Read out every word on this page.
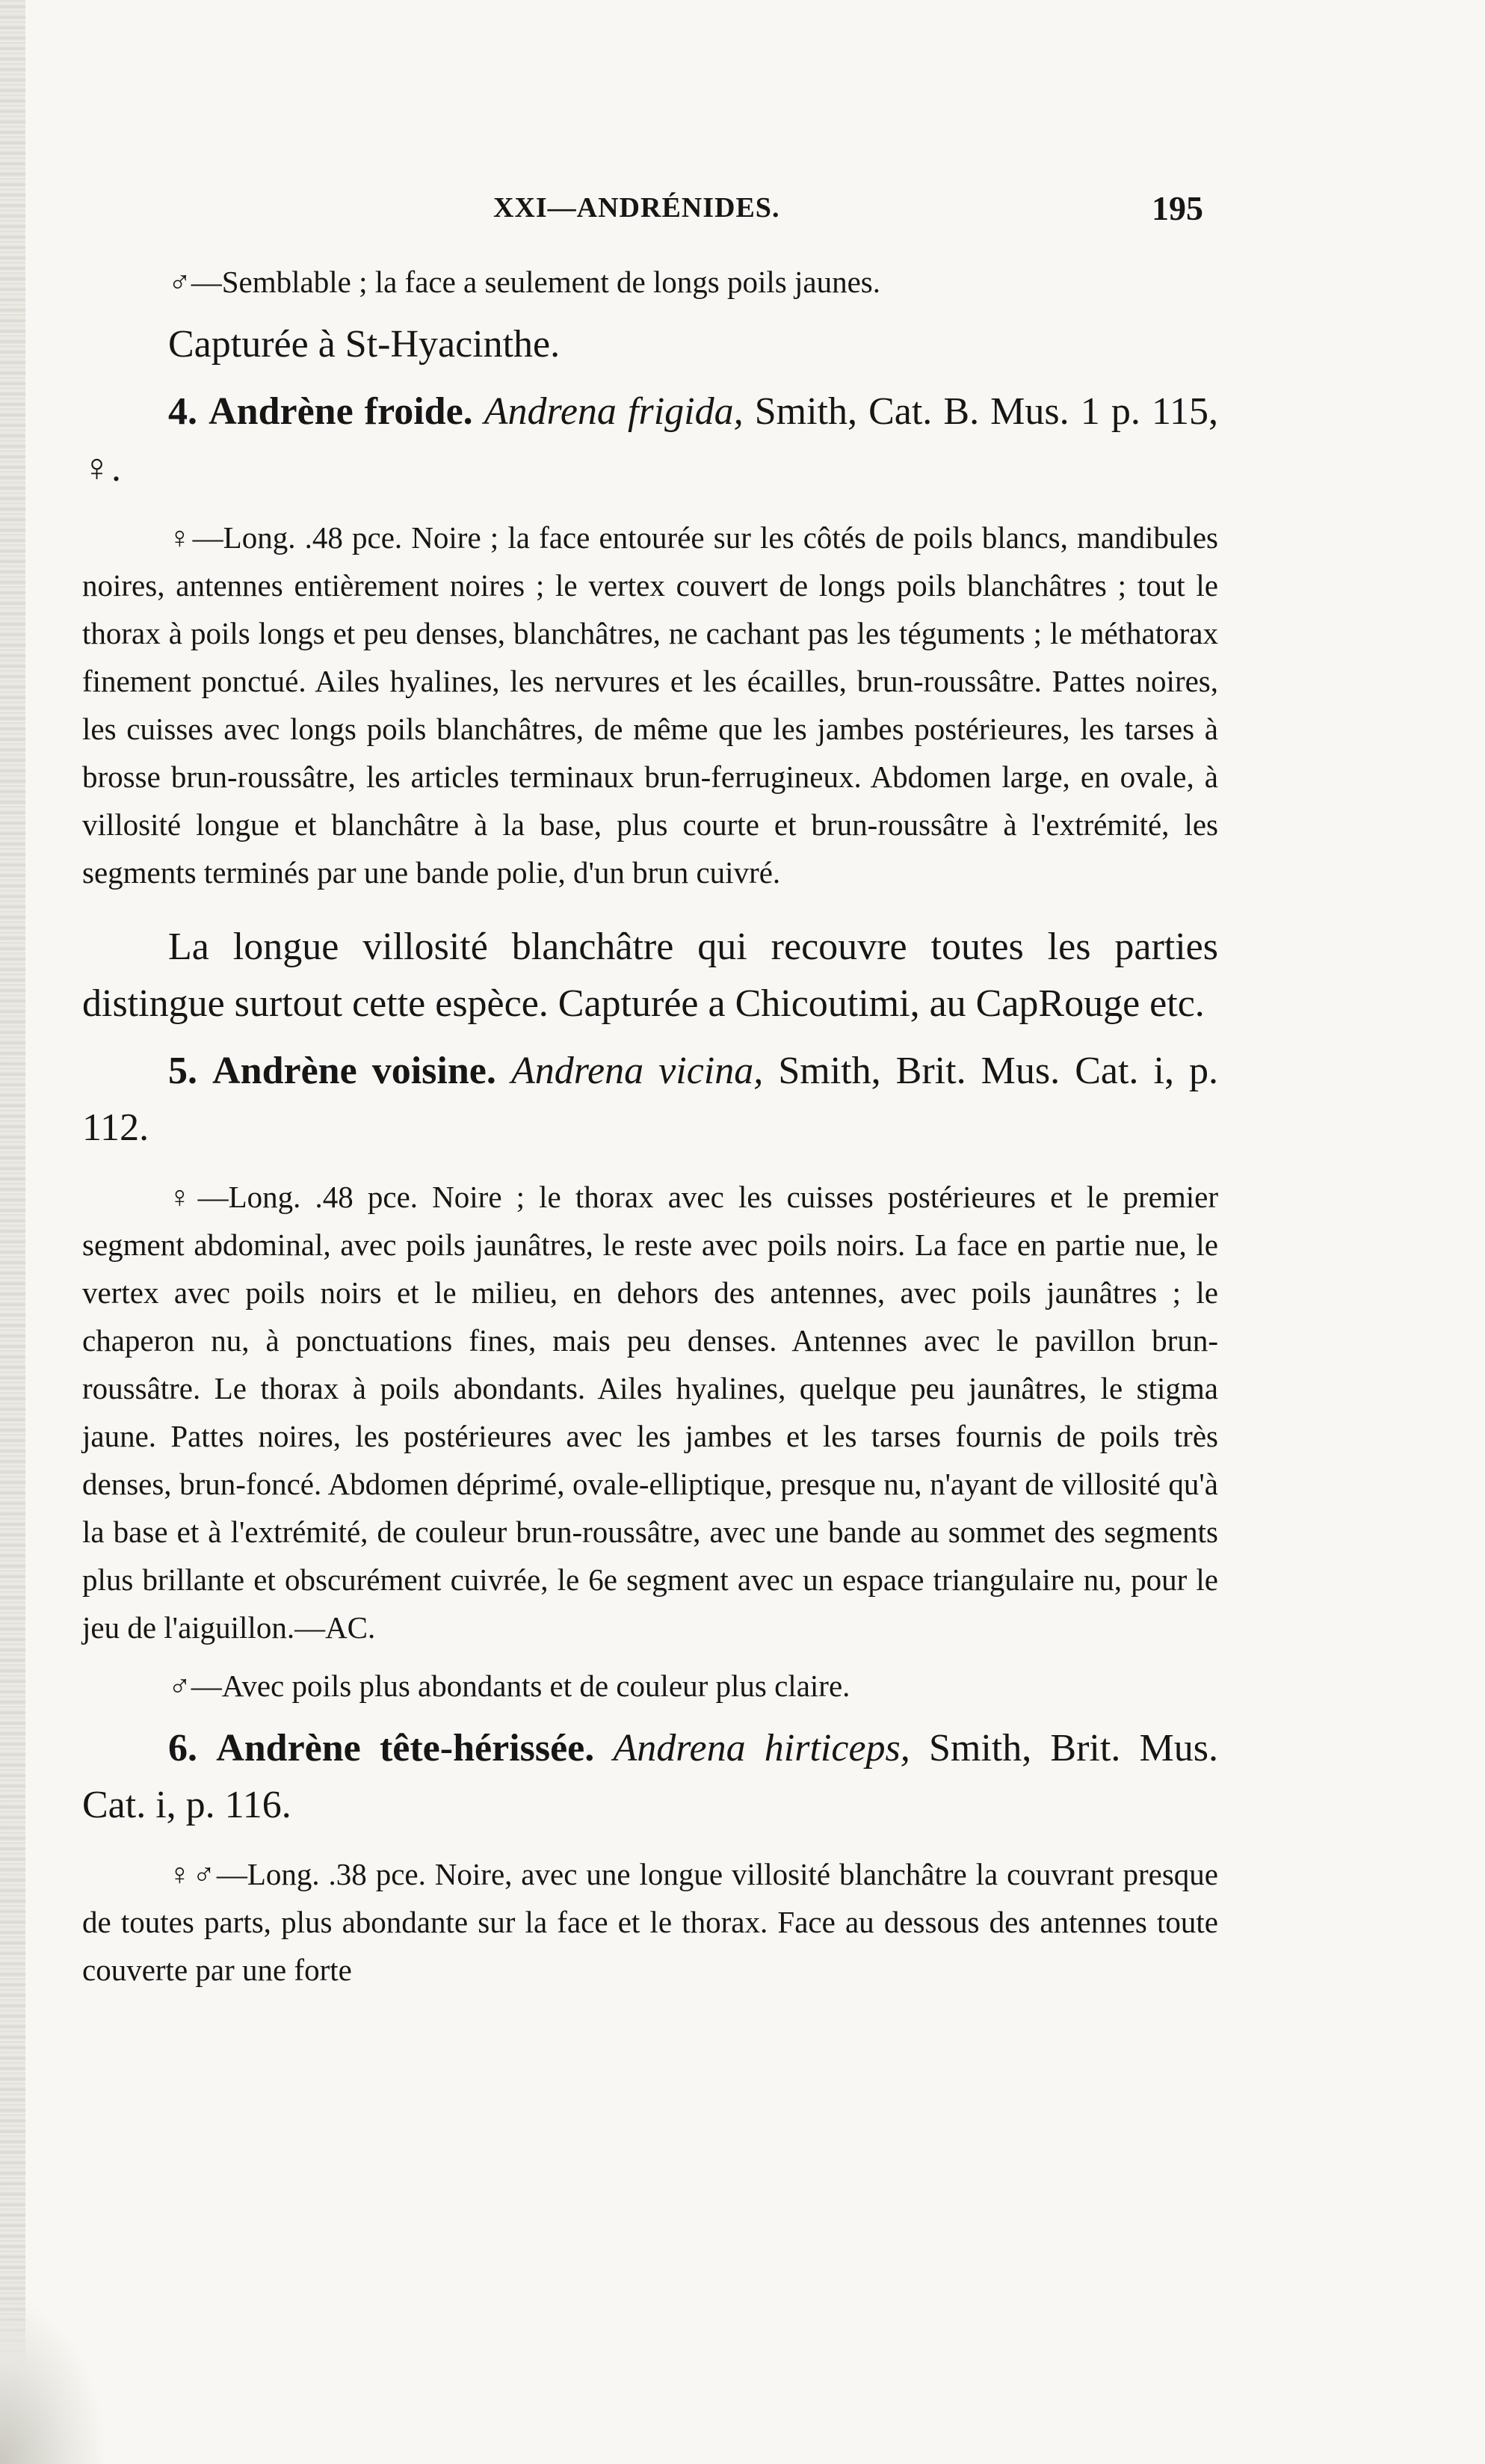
XXI—ANDRÉNIDES.	195

♂—Semblable ; la face a seulement de longs poils jaunes.

Capturée à St-Hyacinthe.

4. Andrène froide. Andrena frigida, Smith, Cat. B. Mus. 1 p. 115, ♀.

♀—Long. .48 pce. Noire ; la face entourée sur les côtés de poils blancs, mandibules noires, antennes entièrement noires ; le vertex couvert de longs poils blanchâtres ; tout le thorax à poils longs et peu denses, blanchâtres, ne cachant pas les téguments ; le méthatorax finement ponctué. Ailes hyalines, les nervures et les écailles, brun-roussâtre. Pattes noires, les cuisses avec longs poils blanchâtres, de même que les jambes postérieures, les tarses à brosse brun-roussâtre, les articles terminaux brun-ferrugineux. Abdomen large, en ovale, à villosité longue et blanchâtre à la base, plus courte et brun-roussâtre à l'extrémité, les segments terminés par une bande polie, d'un brun cuivré.

La longue villosité blanchâtre qui recouvre toutes les parties distingue surtout cette espèce. Capturée a Chicoutimi, au CapRouge etc.

5. Andrène voisine. Andrena vicina, Smith, Brit. Mus. Cat. i, p. 112.

♀—Long. .48 pce. Noire ; le thorax avec les cuisses postérieures et le premier segment abdominal, avec poils jaunâtres, le reste avec poils noirs. La face en partie nue, le vertex avec poils noirs et le milieu, en dehors des antennes, avec poils jaunâtres ; le chaperon nu, à ponctuations fines, mais peu denses. Antennes avec le pavillon brun-roussâtre. Le thorax à poils abondants. Ailes hyalines, quelque peu jaunâtres, le stigma jaune. Pattes noires, les postérieures avec les jambes et les tarses fournis de poils très denses, brun-foncé. Abdomen déprimé, ovale-elliptique, presque nu, n'ayant de villosité qu'à la base et à l'extrémité, de couleur brun-roussâtre, avec une bande au sommet des segments plus brillante et obscurément cuivrée, le 6e segment avec un espace triangulaire nu, pour le jeu de l'aiguillon.—AC.

♂—Avec poils plus abondants et de couleur plus claire.

6. Andrène tête-hérissée. Andrena hirticeps, Smith, Brit. Mus. Cat. i, p. 116.

♀♂—Long. .38 pce. Noire, avec une longue villosité blanchâtre la couvrant presque de toutes parts, plus abondante sur la face et le thorax. Face au dessous des antennes toute couverte par une forte
